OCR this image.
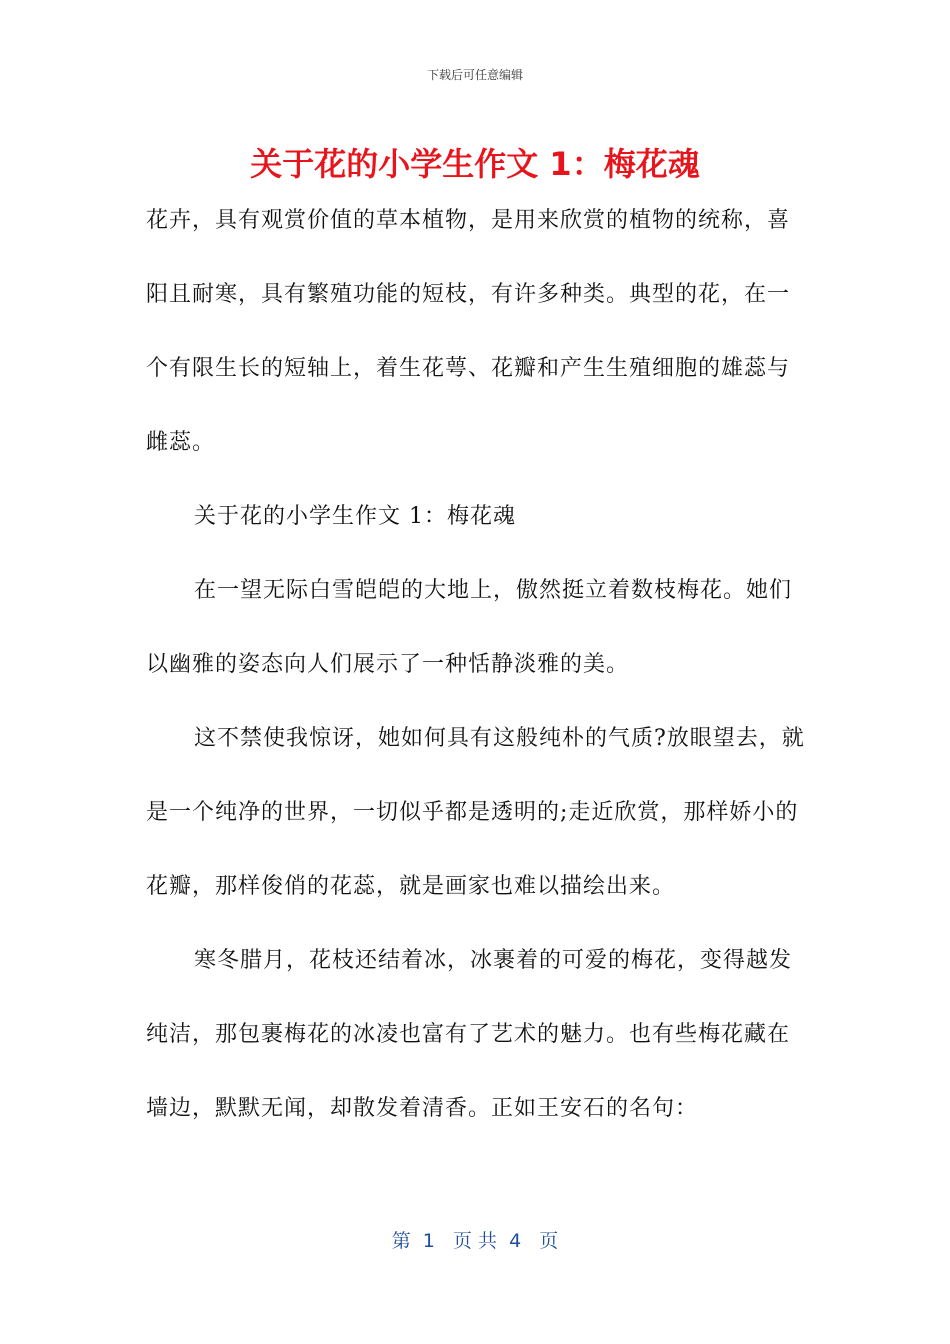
下载后可任意编辑
关于花的小学生作文 1：梅花魂

花卉，具有观赏价值的草本植物，是用来欣赏的植物的统称，喜阳且耐寒，具有繁殖功能的短枝，有许多种类。典型的花，在一个有限生长的短轴上，着生花萼、花瓣和产生生殖细胞的雄蕊与雌蕊。

关于花的小学生作文 1：梅花魂

在一望无际白雪皑皑的大地上，傲然挺立着数枝梅花。她们以幽雅的姿态向人们展示了一种恬静淡雅的美。

这不禁使我惊讶，她如何具有这般纯朴的气质?放眼望去，就是一个纯净的世界，一切似乎都是透明的;走近欣赏，那样娇小的花瓣，那样俊俏的花蕊，就是画家也难以描绘出来。

寒冬腊月，花枝还结着冰，冰裹着的可爱的梅花，变得越发纯洁，那包裹梅花的冰凌也富有了艺术的魅力。也有些梅花藏在墙边，默默无闻，却散发着清香。正如王安石的名句：

第  1   页 共  4   页
